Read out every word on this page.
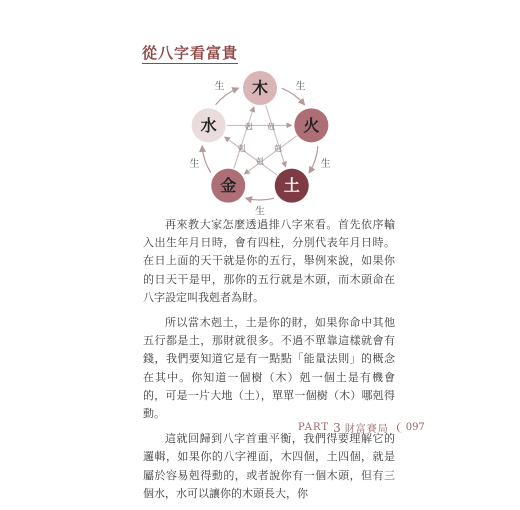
從八字看富貴
木
火
土
金
水
生
生
生
生
生
剋
剋
剋
剋
剋

再來教大家怎麼透過排八字來看。首先依序輸入出生年月日時，會有四柱，分別代表年月日時。在日上面的天干就是你的五行，舉例來說，如果你的日天干是甲，那你的五行就是木頭，而木頭命在八字設定叫我剋者為財。

所以當木剋土，土是你的財，如果你命中其他五行都是土，那財就很多。不過不單靠這樣就會有錢，我們要知道它是有一點點「能量法則」的概念在其中。你知道一個樹（木）剋一個土是有機會的，可是一片大地（土），單單一個樹（木）哪剋得動。

這就回歸到八字首重平衡，我們得要理解它的邏輯，如果你的八字裡面，木四個，土四個，就是屬於容易剋得動的，或者說你有一個木頭，但有三個水，水可以讓你的木頭長大，你

PART 3 財富賽局	097
